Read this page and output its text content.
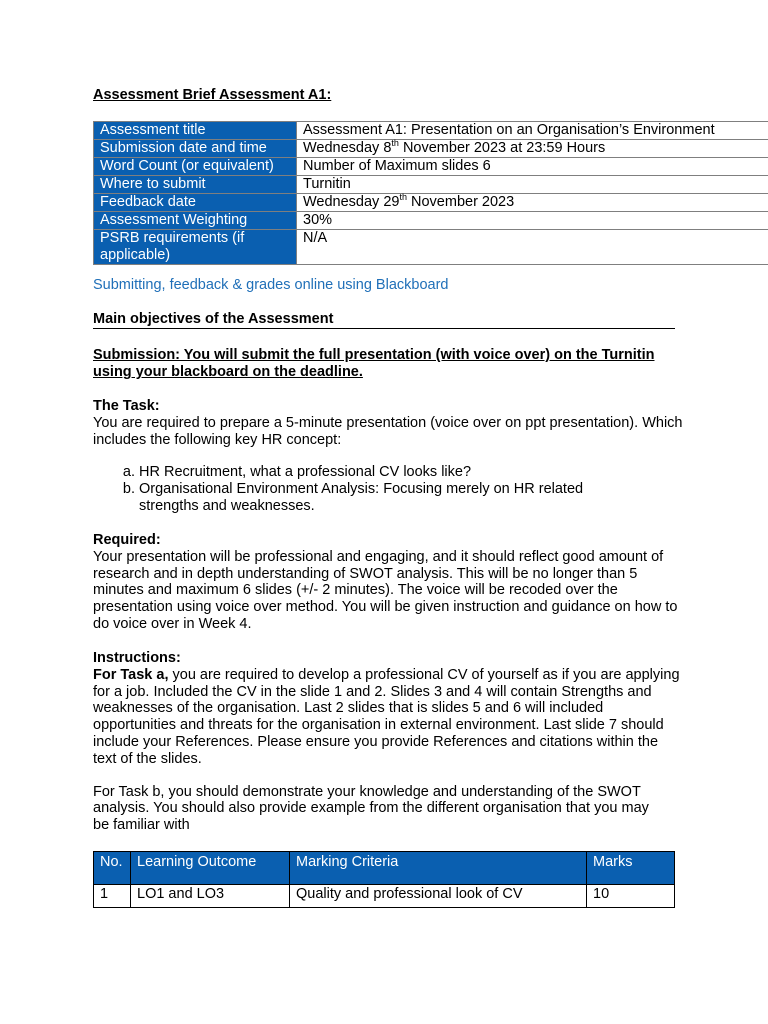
Assessment Brief Assessment A1:
Assessment title	Assessment A1: Presentation on an Organisation’s Environment
Submission date and time	Wednesday 8th November 2023 at 23:59 Hours
Word Count (or equivalent)	Number of Maximum slides 6
Where to submit	Turnitin
Feedback date	Wednesday 29th November 2023
Assessment Weighting	30%
PSRB requirements (if applicable)	N/A
Submitting, feedback & grades online using Blackboard
Main objectives of the Assessment
Submission: You will submit the full presentation (with voice over) on the Turnitin using your blackboard on the deadline.
The Task:
You are required to prepare a 5-minute presentation (voice over on ppt presentation). Which includes the following key HR concept:
a. HR Recruitment, what a professional CV looks like?
b. Organisational Environment Analysis: Focusing merely on HR related strengths and weaknesses.
Required:
Your presentation will be professional and engaging, and it should reflect good amount of research and in depth understanding of SWOT analysis. This will be no longer than 5 minutes and maximum 6 slides (+/- 2 minutes). The voice will be recoded over the presentation using voice over method. You will be given instruction and guidance on how to do voice over in Week 4.
Instructions:
For Task a, you are required to develop a professional CV of yourself as if you are applying for a job. Included the CV in the slide 1 and 2. Slides 3 and 4 will contain Strengths and weaknesses of the organisation. Last 2 slides that is slides 5 and 6 will included opportunities and threats for the organisation in external environment. Last slide 7 should include your References. Please ensure you provide References and citations within the text of the slides.
For Task b, you should demonstrate your knowledge and understanding of the SWOT analysis. You should also provide example from the different organisation that you may be familiar with
No.	Learning Outcome	Marking Criteria	Marks
1	LO1 and LO3	Quality and professional look of CV	10
